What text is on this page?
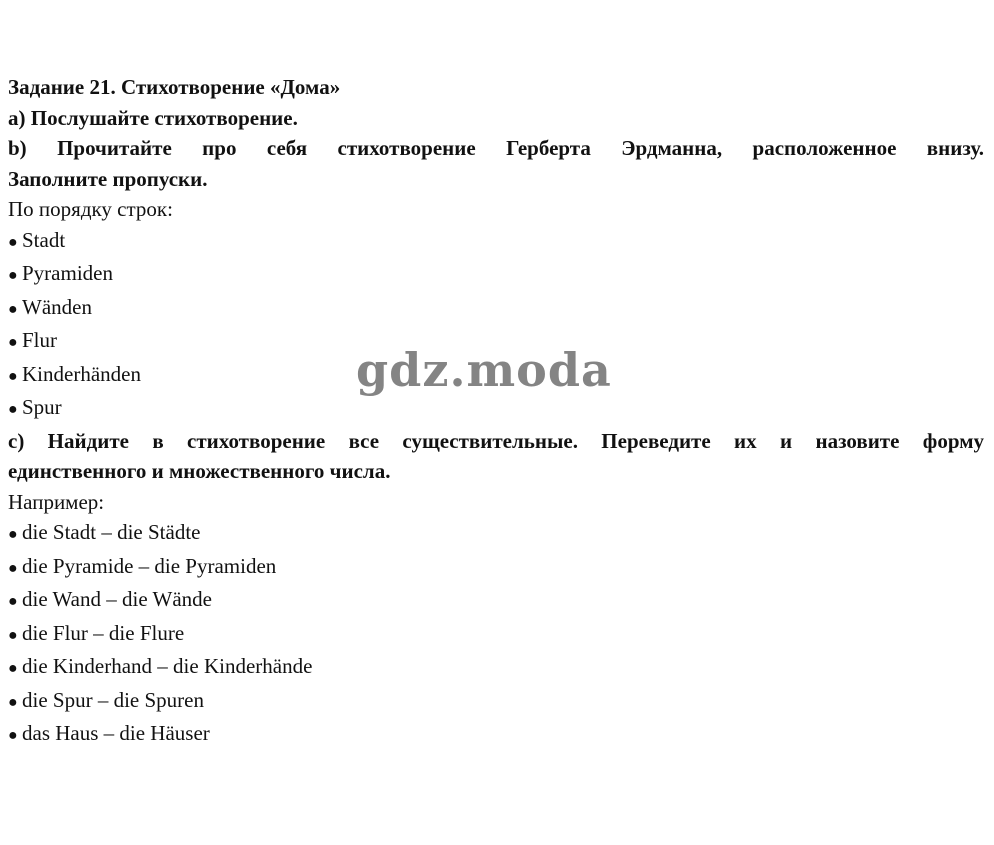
Задание 21. Стихотворение «Дома»
a) Послушайте стихотворение.
b) Прочитайте про себя стихотворение Герберта Эрдманна, расположенное внизу.
Заполните пропуски.
По порядку строк:
● Stadt
● Pyramiden
● Wänden
● Flur
● Kinderhänden
● Spur
c) Найдите в стихотворение все существительные. Переведите их и назовите форму
единственного и множественного числа.
Например:
● die Stadt – die Städte
● die Pyramide – die Pyramiden
● die Wand – die Wände
● die Flur – die Flure
● die Kinderhand – die Kinderhände
● die Spur – die Spuren
● das Haus – die Häuser
gdz.moda
